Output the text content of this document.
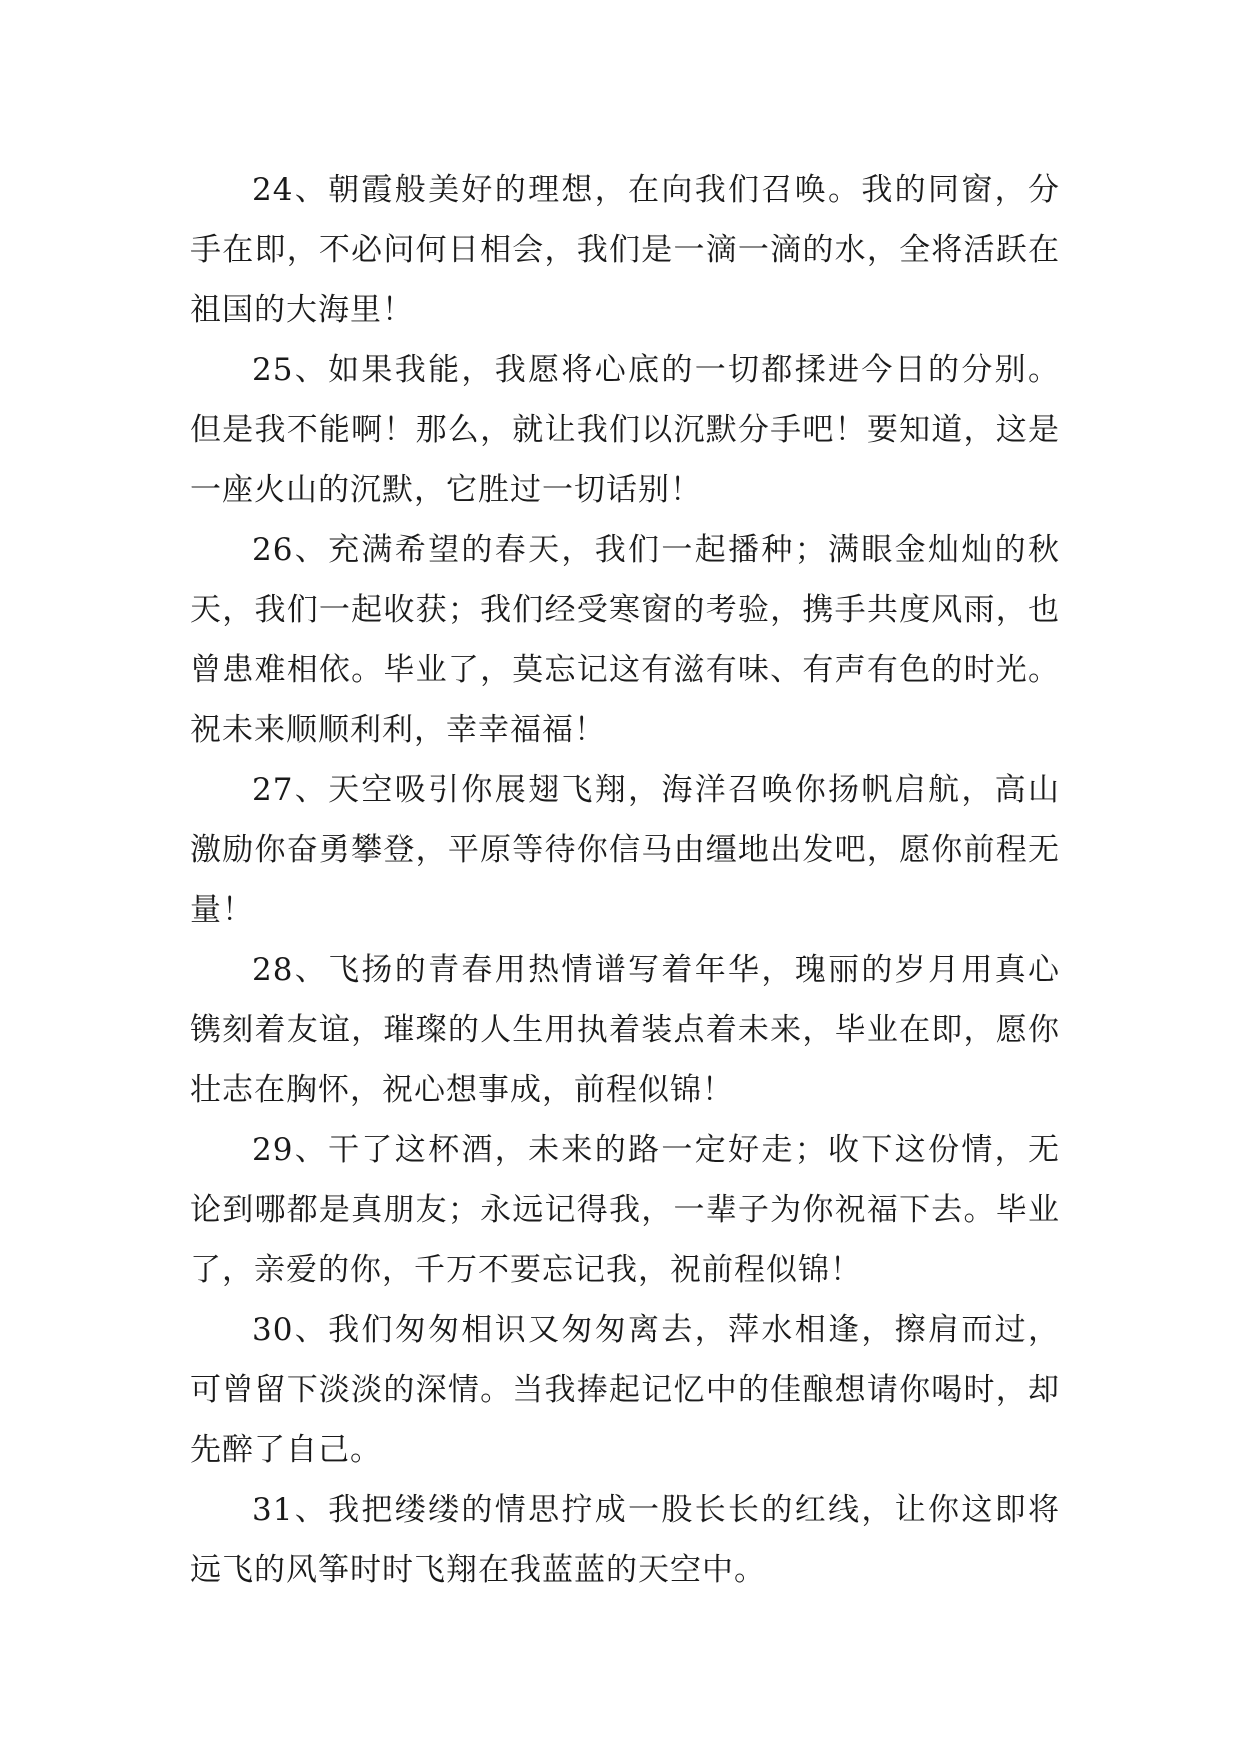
24、朝霞般美好的理想，在向我们召唤。我的同窗，分手在即，不必问何日相会，我们是一滴一滴的水，全将活跃在祖国的大海里！

25、如果我能，我愿将心底的一切都揉进今日的分别。但是我不能啊！那么，就让我们以沉默分手吧！要知道，这是一座火山的沉默，它胜过一切话别！

26、充满希望的春天，我们一起播种；满眼金灿灿的秋天，我们一起收获；我们经受寒窗的考验，携手共度风雨，也曾患难相依。毕业了，莫忘记这有滋有味、有声有色的时光。祝未来顺顺利利，幸幸福福！

27、天空吸引你展翅飞翔，海洋召唤你扬帆启航，高山激励你奋勇攀登，平原等待你信马由缰地出发吧，愿你前程无量！

28、飞扬的青春用热情谱写着年华，瑰丽的岁月用真心镌刻着友谊，璀璨的人生用执着装点着未来，毕业在即，愿你壮志在胸怀，祝心想事成，前程似锦！

29、干了这杯酒，未来的路一定好走；收下这份情，无论到哪都是真朋友；永远记得我，一辈子为你祝福下去。毕业了，亲爱的你，千万不要忘记我，祝前程似锦！

30、我们匆匆相识又匆匆离去，萍水相逢，擦肩而过，可曾留下淡淡的深情。当我捧起记忆中的佳酿想请你喝时，却先醉了自己。

31、我把缕缕的情思拧成一股长长的红线，让你这即将远飞的风筝时时飞翔在我蓝蓝的天空中。
